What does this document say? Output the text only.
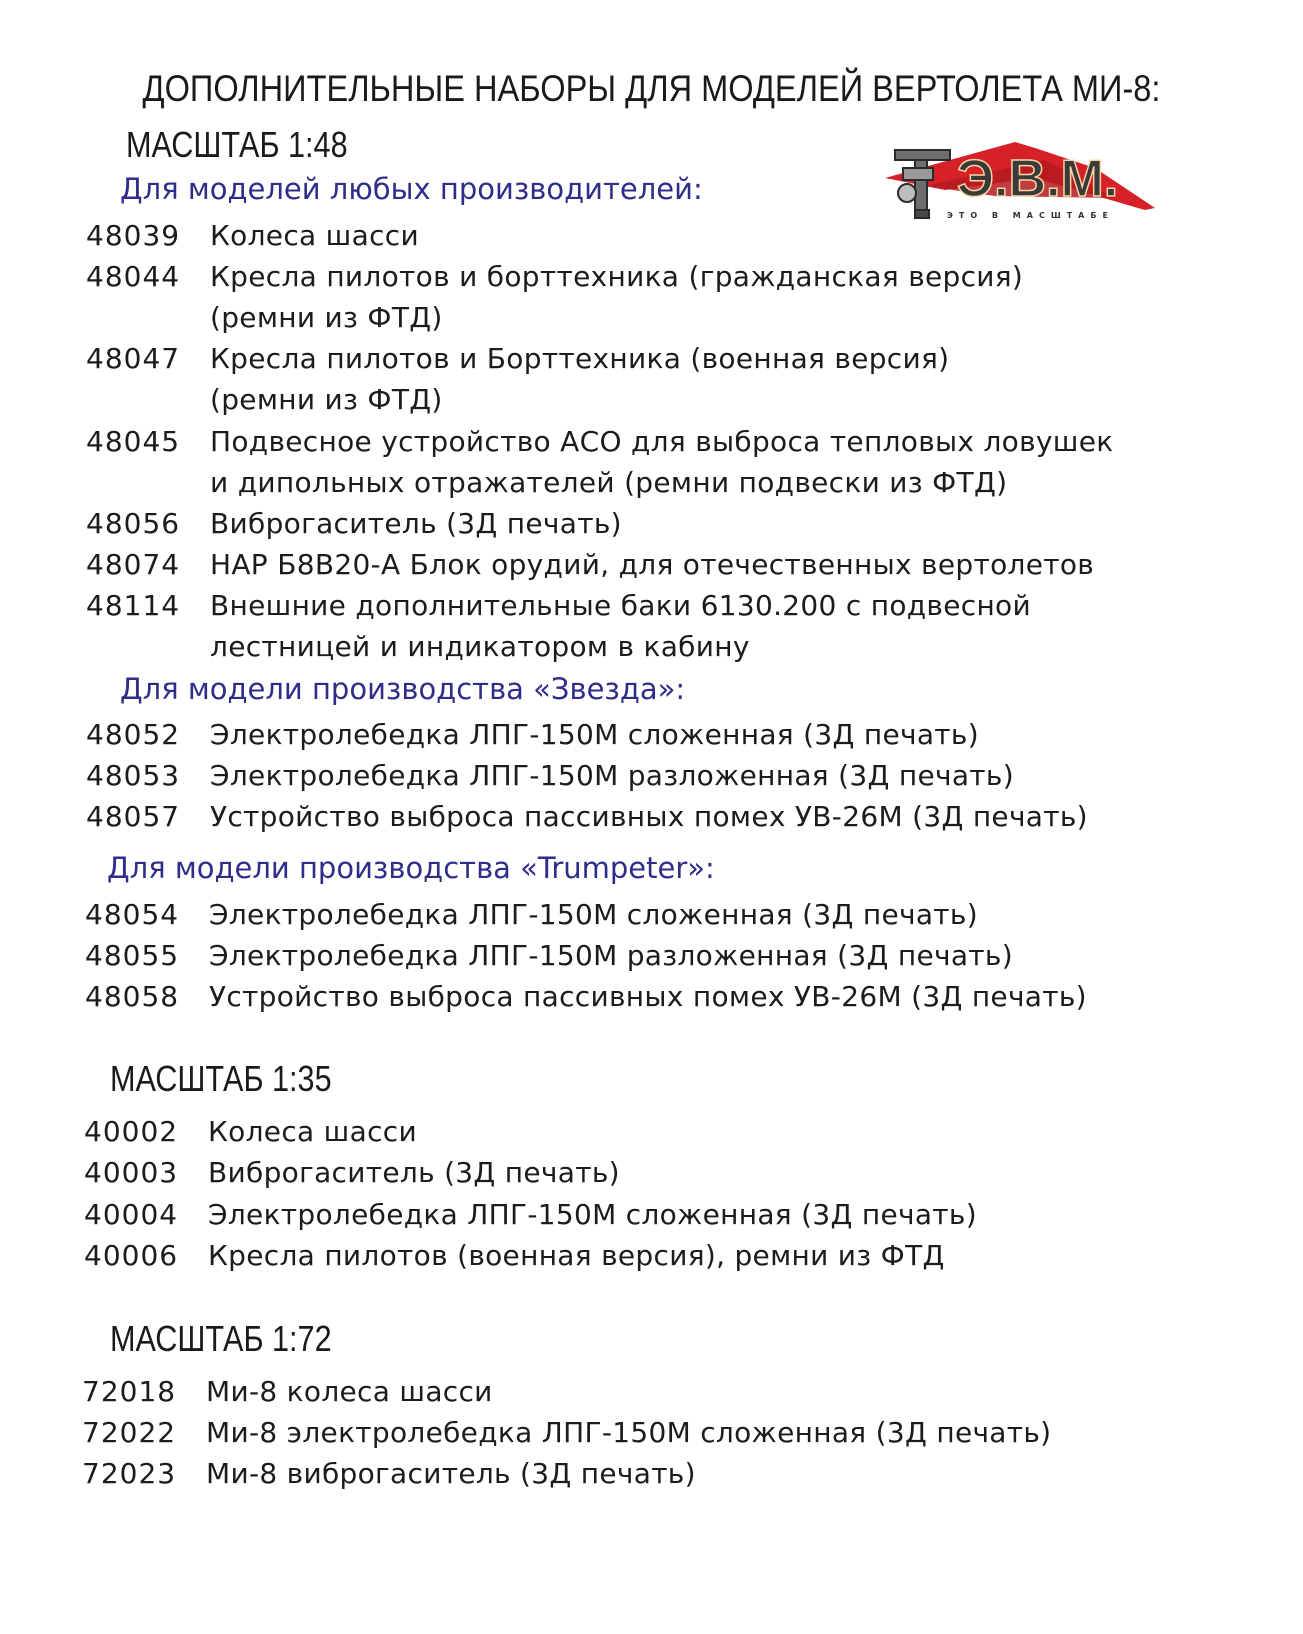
ДОПОЛНИТЕЛЬНЫЕ НАБОРЫ ДЛЯ МОДЕЛЕЙ ВЕРТОЛЕТА МИ-8:
МАСШТАБ 1:48
Э.В.М.
ЭТО В МАСШТАБЕ
Для моделей любых производителей:
48039 Колеса шасси
48044 Кресла пилотов и борттехника (гражданская версия)
(ремни из ФТД)
48047 Кресла пилотов и Борттехника (военная версия)
(ремни из ФТД)
48045 Подвесное устройство АСО для выброса тепловых ловушек
и дипольных отражателей (ремни подвески из ФТД)
48056 Виброгаситель (3Д печать)
48074 НАР Б8В20-А Блок орудий, для отечественных вертолетов
48114 Внешние дополнительные баки 6130.200 с подвесной
лестницей и индикатором в кабину
Для модели производства «Звезда»:
48052 Электролебедка ЛПГ-150М сложенная (3Д печать)
48053 Электролебедка ЛПГ-150М разложенная (3Д печать)
48057 Устройство выброса пассивных помех УВ-26М (3Д печать)
Для модели производства «Trumpeter»:
48054 Электролебедка ЛПГ-150М сложенная (3Д печать)
48055 Электролебедка ЛПГ-150М разложенная (3Д печать)
48058 Устройство выброса пассивных помех УВ-26М (3Д печать)
МАСШТАБ 1:35
40002 Колеса шасси
40003 Виброгаситель (3Д печать)
40004 Электролебедка ЛПГ-150М сложенная (3Д печать)
40006 Кресла пилотов (военная версия), ремни из ФТД
МАСШТАБ 1:72
72018 Ми-8 колеса шасси
72022 Ми-8 электролебедка ЛПГ-150М сложенная (3Д печать)
72023 Ми-8 виброгаситель (3Д печать)
